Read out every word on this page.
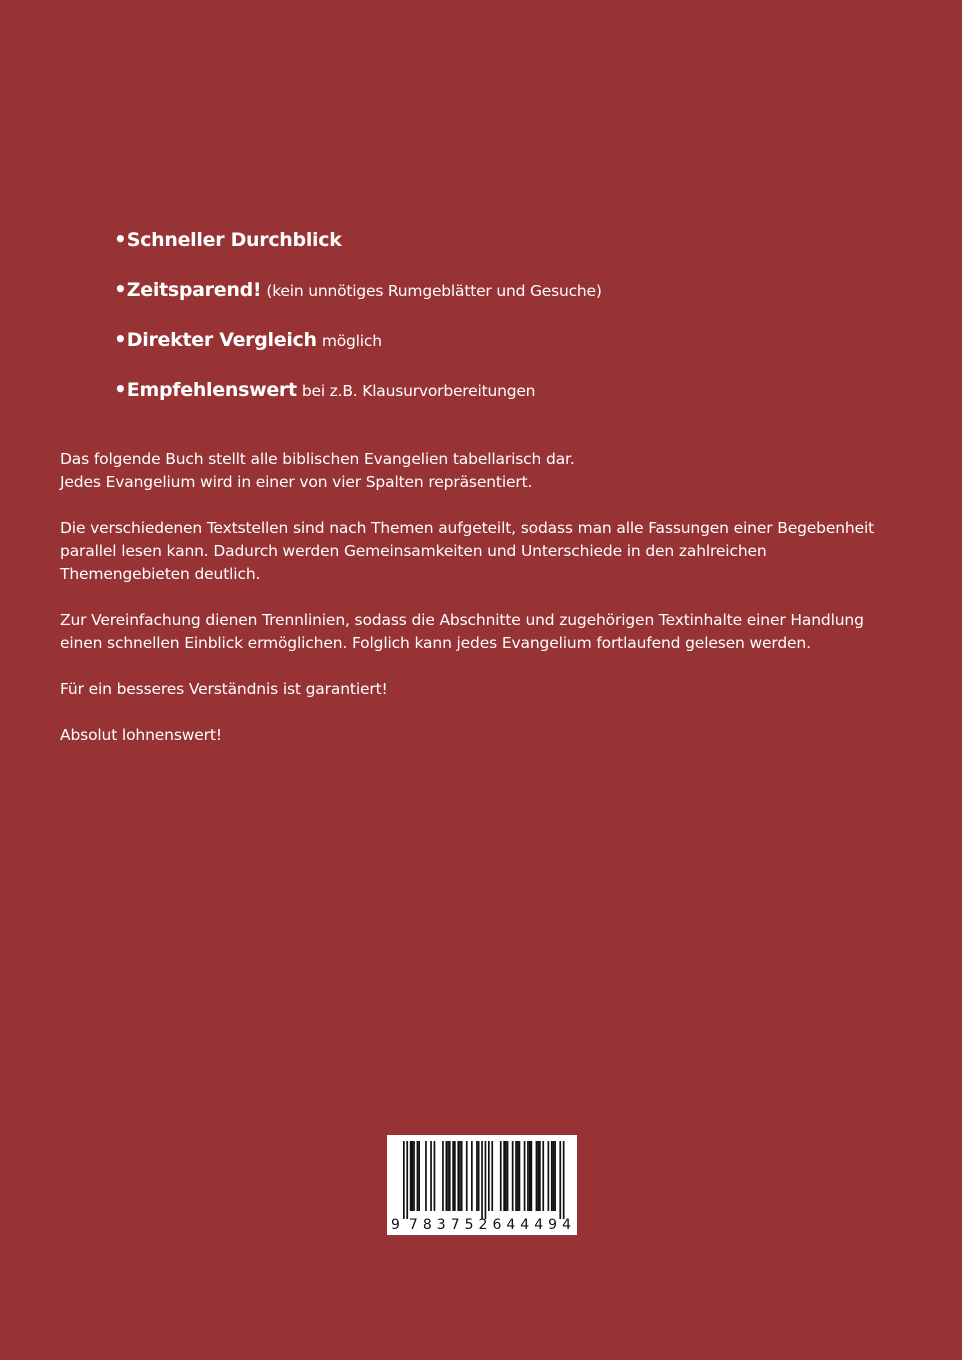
•Schneller Durchblick
•Zeitsparend! (kein unnötiges Rumgeblätter und Gesuche)
•Direkter Vergleich möglich
•Empfehlenswert bei z.B. Klausurvorbereitungen

Das folgende Buch stellt alle biblischen Evangelien tabellarisch dar.
Jedes Evangelium wird in einer von vier Spalten repräsentiert.

Die verschiedenen Textstellen sind nach Themen aufgeteilt, sodass man alle Fassungen einer Begebenheit
parallel lesen kann. Dadurch werden Gemeinsamkeiten und Unterschiede in den zahlreichen
Themengebieten deutlich.

Zur Vereinfachung dienen Trennlinien, sodass die Abschnitte und zugehörigen Textinhalte einer Handlung
einen schnellen Einblick ermöglichen. Folglich kann jedes Evangelium fortlaufend gelesen werden.

Für ein besseres Verständnis ist garantiert!

Absolut lohnenswert!

9 7 8 3 7 5 2 6 4 4 4 9 4
